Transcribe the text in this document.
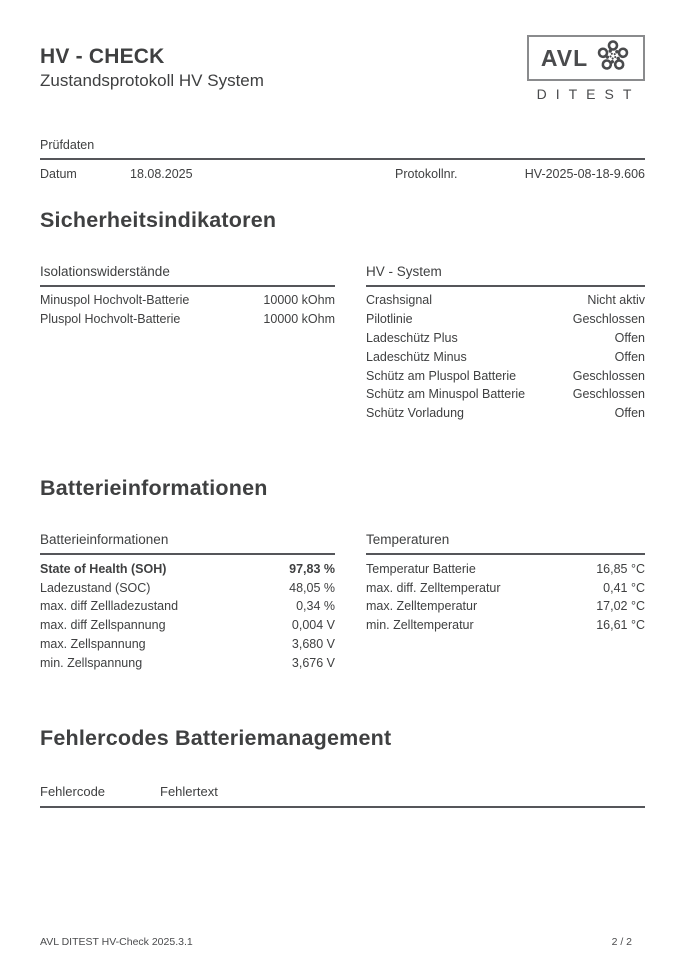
HV - CHECK
Zustandsprotokoll HV System
AVL
DITEST
Prüfdaten
Datum	18.08.2025	Protokollnr.	HV-2025-08-18-9.606
Sicherheitsindikatoren
Isolationswiderstände
Minuspol Hochvolt-Batterie	10000 kOhm
Pluspol Hochvolt-Batterie	10000 kOhm
HV - System
Crashsignal	Nicht aktiv
Pilotlinie	Geschlossen
Ladeschütz Plus	Offen
Ladeschütz Minus	Offen
Schütz am Pluspol Batterie	Geschlossen
Schütz am Minuspol Batterie	Geschlossen
Schütz Vorladung	Offen
Batterieinformationen
Batterieinformationen
State of Health (SOH)	97,83 %
Ladezustand (SOC)	48,05 %
max. diff Zellladezustand	0,34 %
max. diff Zellspannung	0,004 V
max. Zellspannung	3,680 V
min. Zellspannung	3,676 V
Temperaturen
Temperatur Batterie	16,85 °C
max. diff. Zelltemperatur	0,41 °C
max. Zelltemperatur	17,02 °C
min. Zelltemperatur	16,61 °C
Fehlercodes Batteriemanagement
Fehlercode	Fehlertext
AVL DITEST HV-Check 2025.3.1	2 / 2
